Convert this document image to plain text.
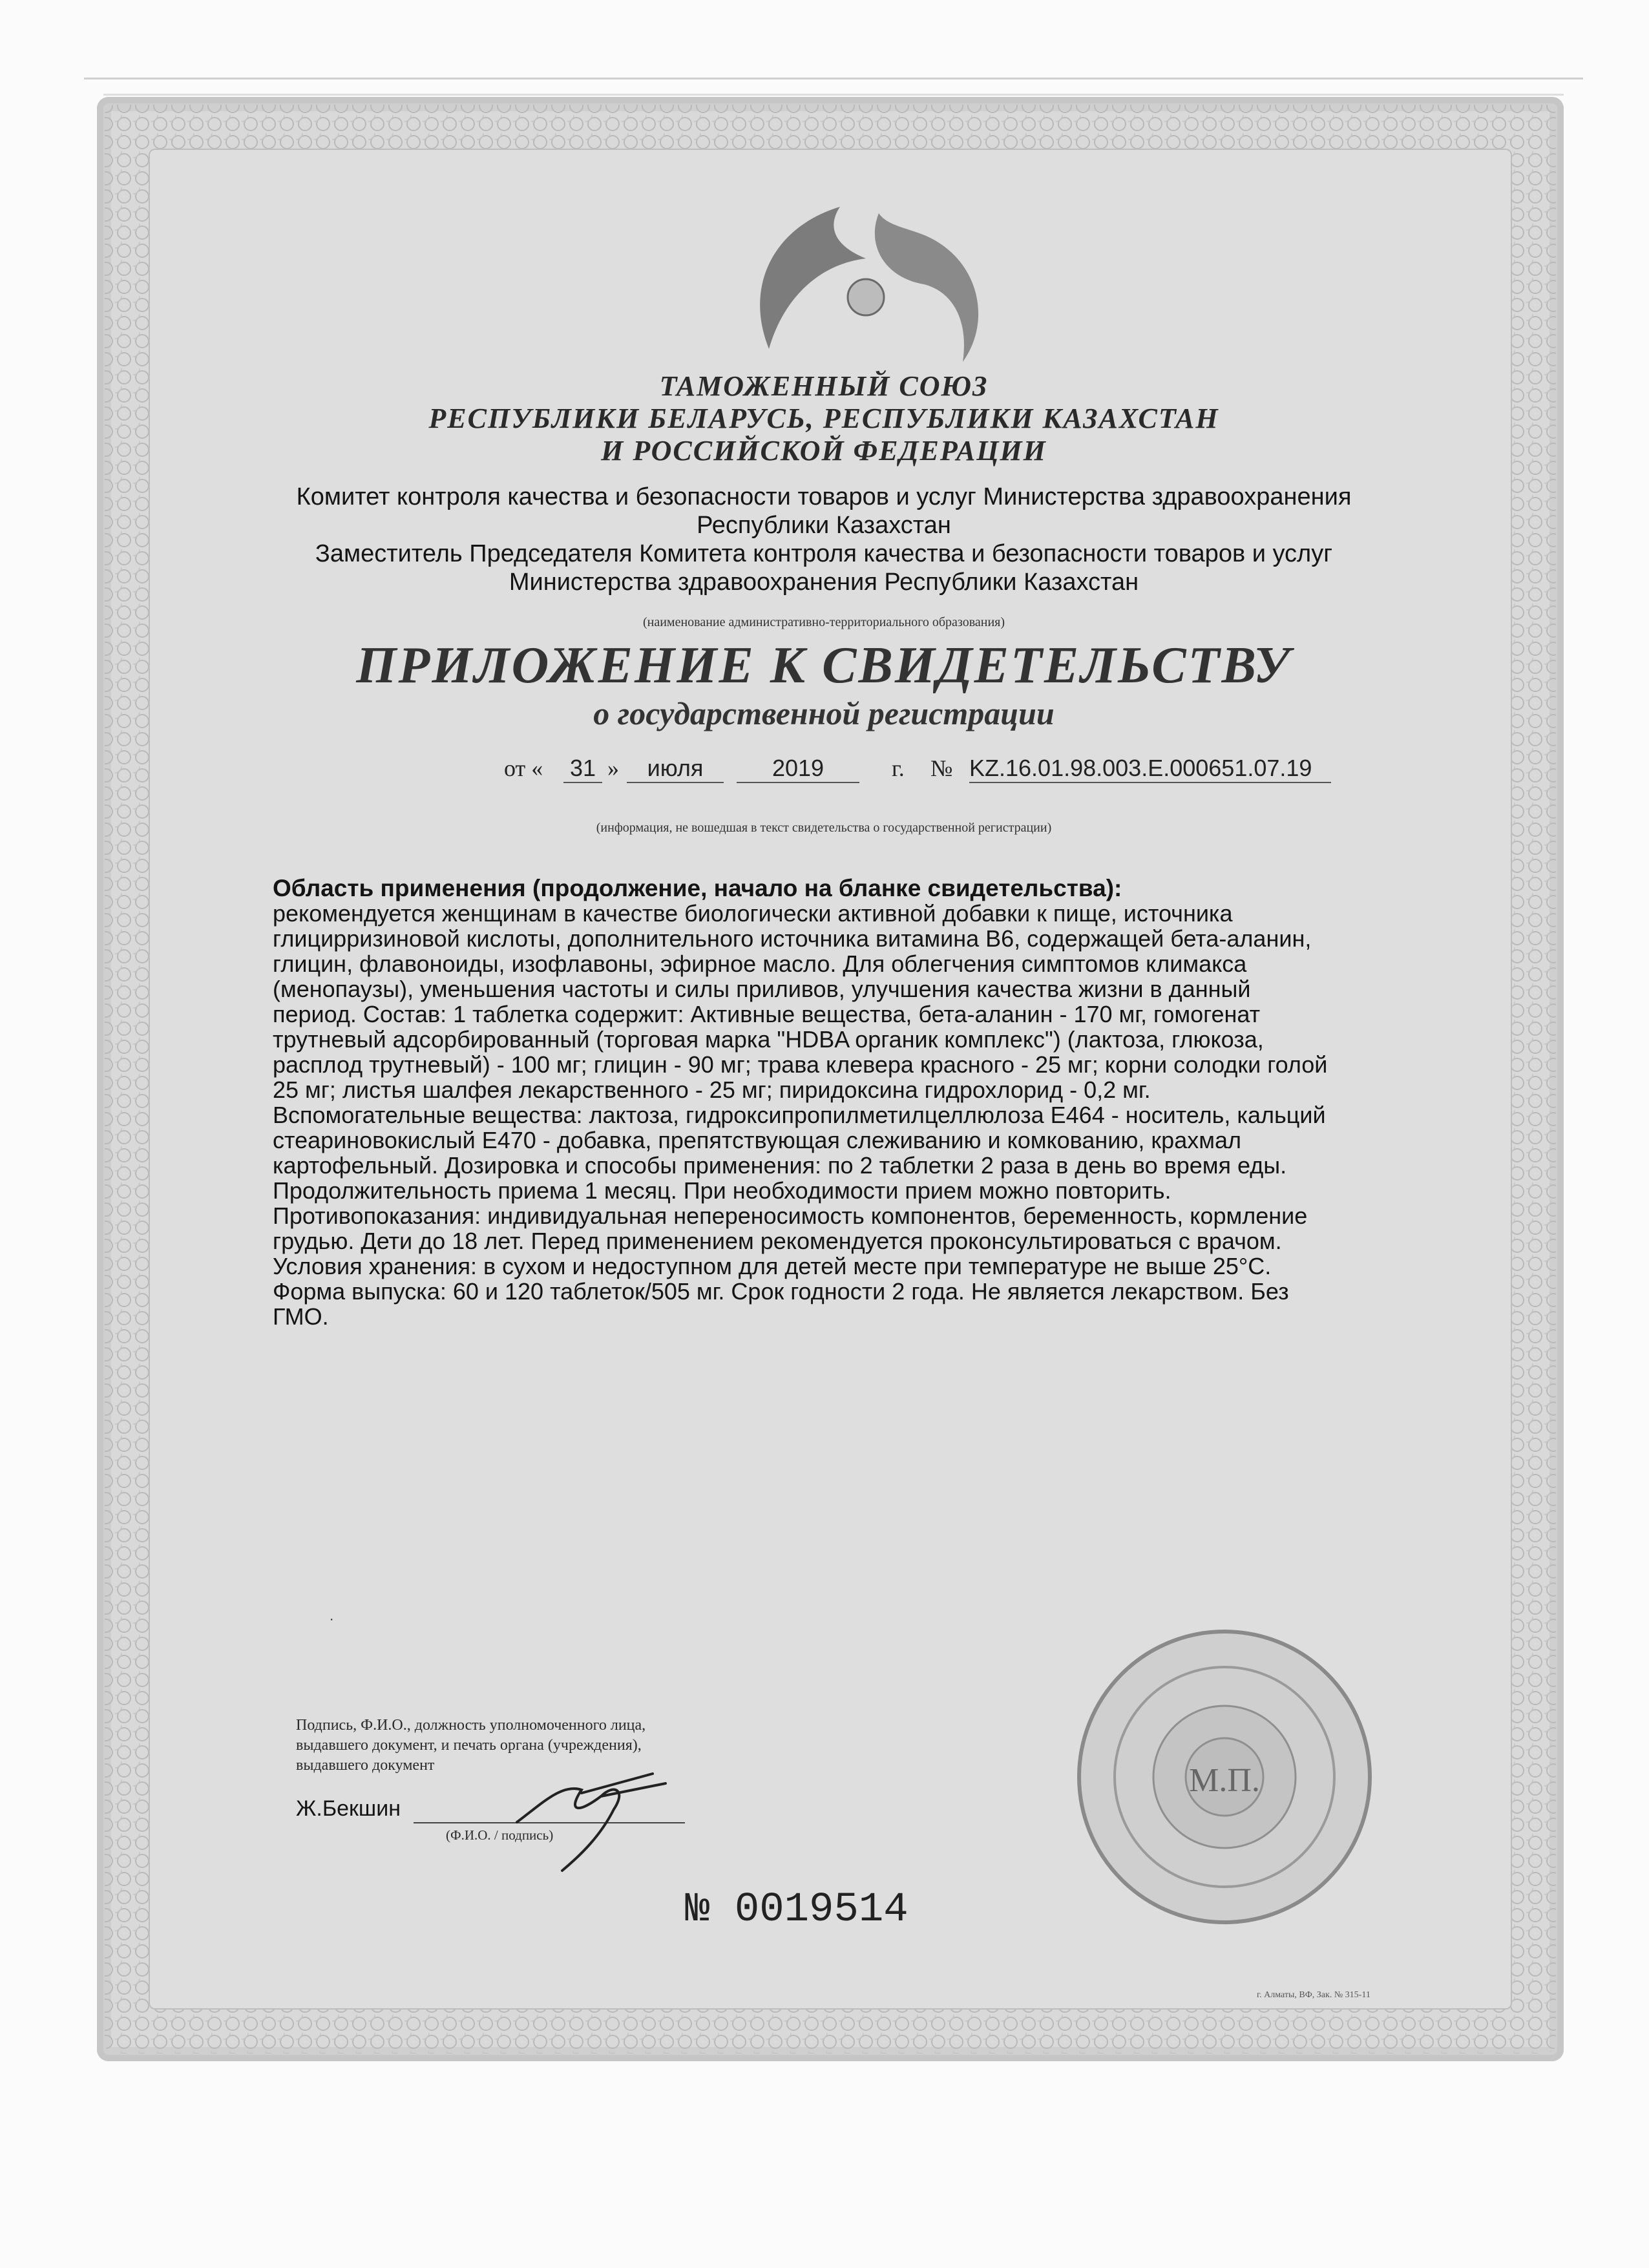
ТАМОЖЕННЫЙ СОЮЗ
РЕСПУБЛИКИ БЕЛАРУСЬ, РЕСПУБЛИКИ КАЗАХСТАН
И РОССИЙСКОЙ ФЕДЕРАЦИИ
Комитет контроля качества и безопасности товаров и услуг Министерства здравоохранения
Республики Казахстан
Заместитель Председателя Комитета контроля качества и безопасности товаров и услуг
Министерства здравоохранения Республики Казахстан
(наименование административно-территориального образования)
ПРИЛОЖЕНИЕ К СВИДЕТЕЛЬСТВУ
о государственной регистрации
от « 31 »	июля	2019	г. № KZ.16.01.98.003.E.000651.07.19
(информация, не вошедшая в текст свидетельства о государственной регистрации)
Область применения (продолжение, начало на бланке свидетельства):
рекомендуется женщинам в качестве биологически активной добавки к пище, источника
глицирризиновой кислоты, дополнительного источника витамина В6, содержащей бета-аланин,
глицин, флавоноиды, изофлавоны, эфирное масло. Для облегчения симптомов климакса
(менопаузы), уменьшения частоты и силы приливов, улучшения качества жизни в данный
период. Состав: 1 таблетка содержит: Активные вещества, бета-аланин - 170 мг, гомогенат
трутневый адсорбированный (торговая марка "HDBA органик комплекс") (лактоза, глюкоза,
расплод трутневый) - 100 мг; глицин - 90 мг; трава клевера красного - 25 мг; корни солодки голой
25 мг; листья шалфея лекарственного - 25 мг; пиридоксина гидрохлорид - 0,2 мг.
Вспомогательные вещества: лактоза, гидроксипропилметилцеллюлоза Е464 - носитель, кальций
стеариновокислый Е470 - добавка, препятствующая слеживанию и комкованию, крахмал
картофельный. Дозировка и способы применения: по 2 таблетки 2 раза в день во время еды.
Продолжительность приема 1 месяц. При необходимости прием можно повторить.
Противопоказания: индивидуальная непереносимость компонентов, беременность, кормление
грудью. Дети до 18 лет. Перед применением рекомендуется проконсультироваться с врачом.
Условия хранения: в сухом и недоступном для детей месте при температуре не выше 25°С.
Форма выпуска: 60 и 120 таблеток/505 мг. Срок годности 2 года. Не является лекарством. Без
ГМО.
˙
Подпись, Ф.И.О., должность уполномоченного лица,
выдавшего документ, и печать органа (учреждения),
выдавшего документ
Ж.Бекшин
(Ф.И.О. / подпись)
М.П.
№ 0019514
г. Алматы, ВФ, Зак. № 315-11
